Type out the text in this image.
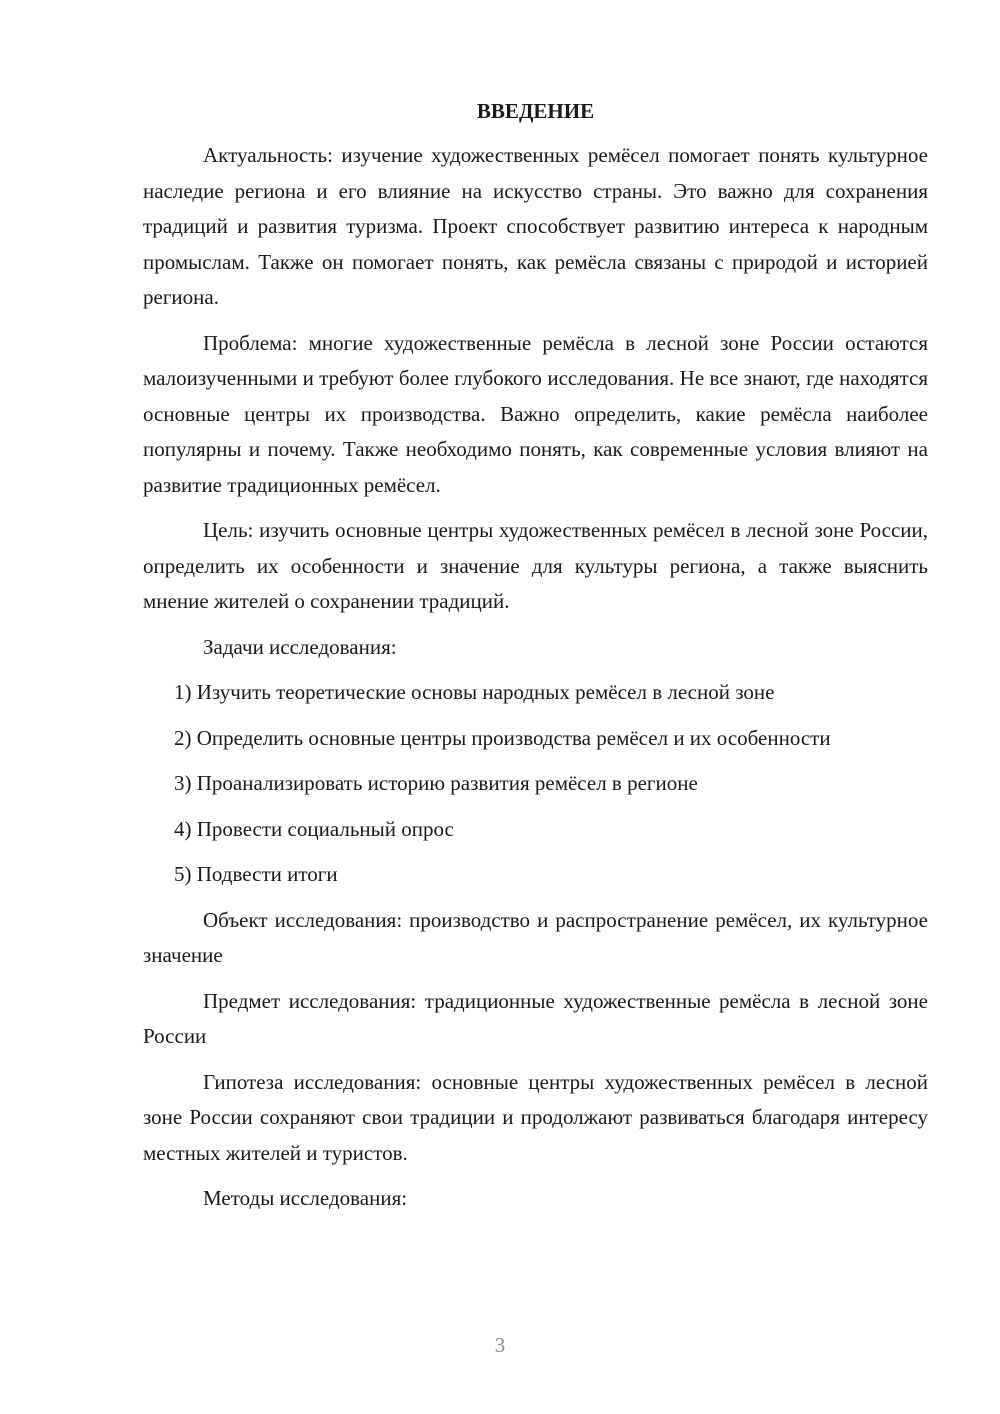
ВВЕДЕНИЕ

Актуальность: изучение художественных ремёсел помогает понять культурное наследие региона и его влияние на искусство страны. Это важно для сохранения традиций и развития туризма. Проект способствует развитию интереса к народным промыслам. Также он помогает понять, как ремёсла связаны с природой и историей региона.

Проблема: многие художественные ремёсла в лесной зоне России остаются малоизученными и требуют более глубокого исследования. Не все знают, где находятся основные центры их производства. Важно определить, какие ремёсла наиболее популярны и почему. Также необходимо понять, как современные условия влияют на развитие традиционных ремёсел.

Цель: изучить основные центры художественных ремёсел в лесной зоне России, определить их особенности и значение для культуры региона, а также выяснить мнение жителей о сохранении традиций.

Задачи исследования:

1) Изучить теоретические основы народных ремёсел в лесной зоне

2) Определить основные центры производства ремёсел и их особенности

3) Проанализировать историю развития ремёсел в регионе

4) Провести социальный опрос

5) Подвести итоги

Объект исследования: производство и распространение ремёсел, их культурное значение

Предмет исследования: традиционные художественные ремёсла в лесной зоне России

Гипотеза исследования: основные центры художественных ремёсел в лесной зоне России сохраняют свои традиции и продолжают развиваться благодаря интересу местных жителей и туристов.

Методы исследования:

3
